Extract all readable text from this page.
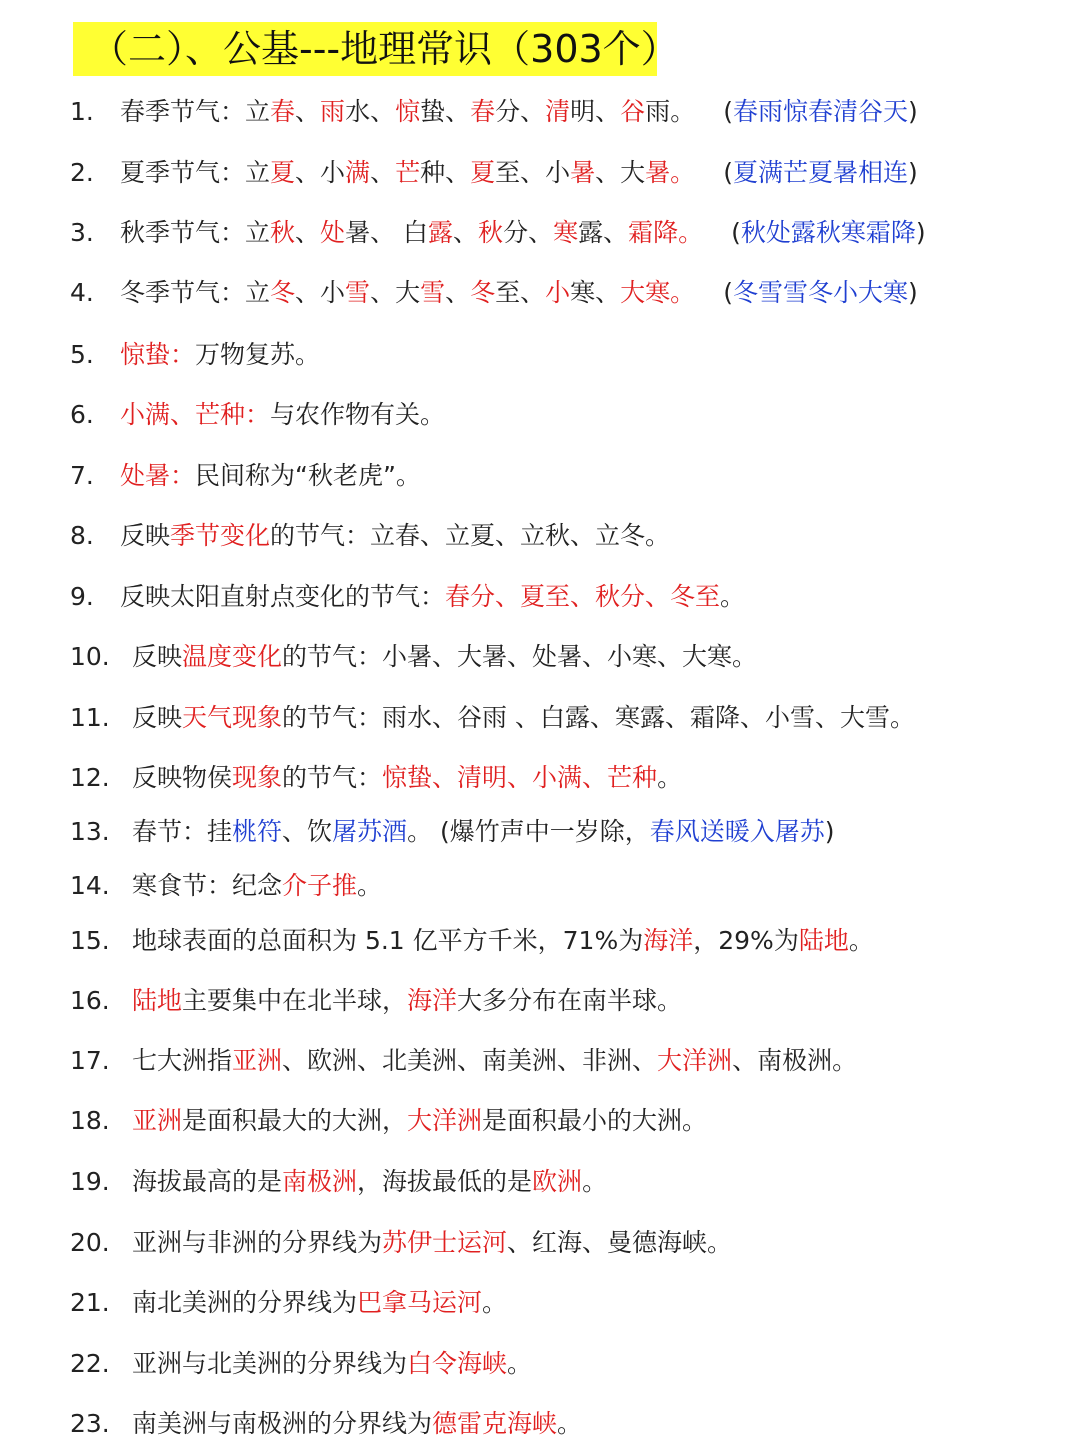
（二）、公基---地理常识（303个）
1. 春季节气：立春、雨水、惊蛰、春分、清明、谷雨。 (春雨惊春清谷天)
2. 夏季节气：立夏、小满、芒种、夏至、小暑、大暑。 (夏满芒夏暑相连)
3. 秋季节气：立秋、处暑、 白露、秋分、寒露、霜降。 (秋处露秋寒霜降)
4. 冬季节气：立冬、小雪、大雪、冬至、小寒、大寒。 (冬雪雪冬小大寒)
5. 惊蛰：万物复苏。
6. 小满、芒种：与农作物有关。
7. 处暑：民间称为“秋老虎”。
8. 反映季节变化的节气：立春、立夏、立秋、立冬。
9. 反映太阳直射点变化的节气：春分、夏至、秋分、冬至。
10. 反映温度变化的节气：小暑、大暑、处暑、小寒、大寒。
11. 反映天气现象的节气：雨水、谷雨 、白露、寒露、霜降、小雪、大雪。
12. 反映物侯现象的节气：惊蛰、清明、小满、芒种。
13. 春节：挂桃符、饮屠苏酒。 (爆竹声中一岁除，春风送暖入屠苏)
14. 寒食节：纪念介子推。
15. 地球表面的总面积为 5.1 亿平方千米，71%为海洋，29%为陆地。
16. 陆地主要集中在北半球，海洋大多分布在南半球。
17. 七大洲指亚洲、欧洲、北美洲、南美洲、非洲、大洋洲、南极洲。
18. 亚洲是面积最大的大洲，大洋洲是面积最小的大洲。
19. 海拔最高的是南极洲，海拔最低的是欧洲。
20. 亚洲与非洲的分界线为苏伊士运河、红海、曼德海峡。
21. 南北美洲的分界线为巴拿马运河。
22. 亚洲与北美洲的分界线为白令海峡。
23. 南美洲与南极洲的分界线为德雷克海峡。
